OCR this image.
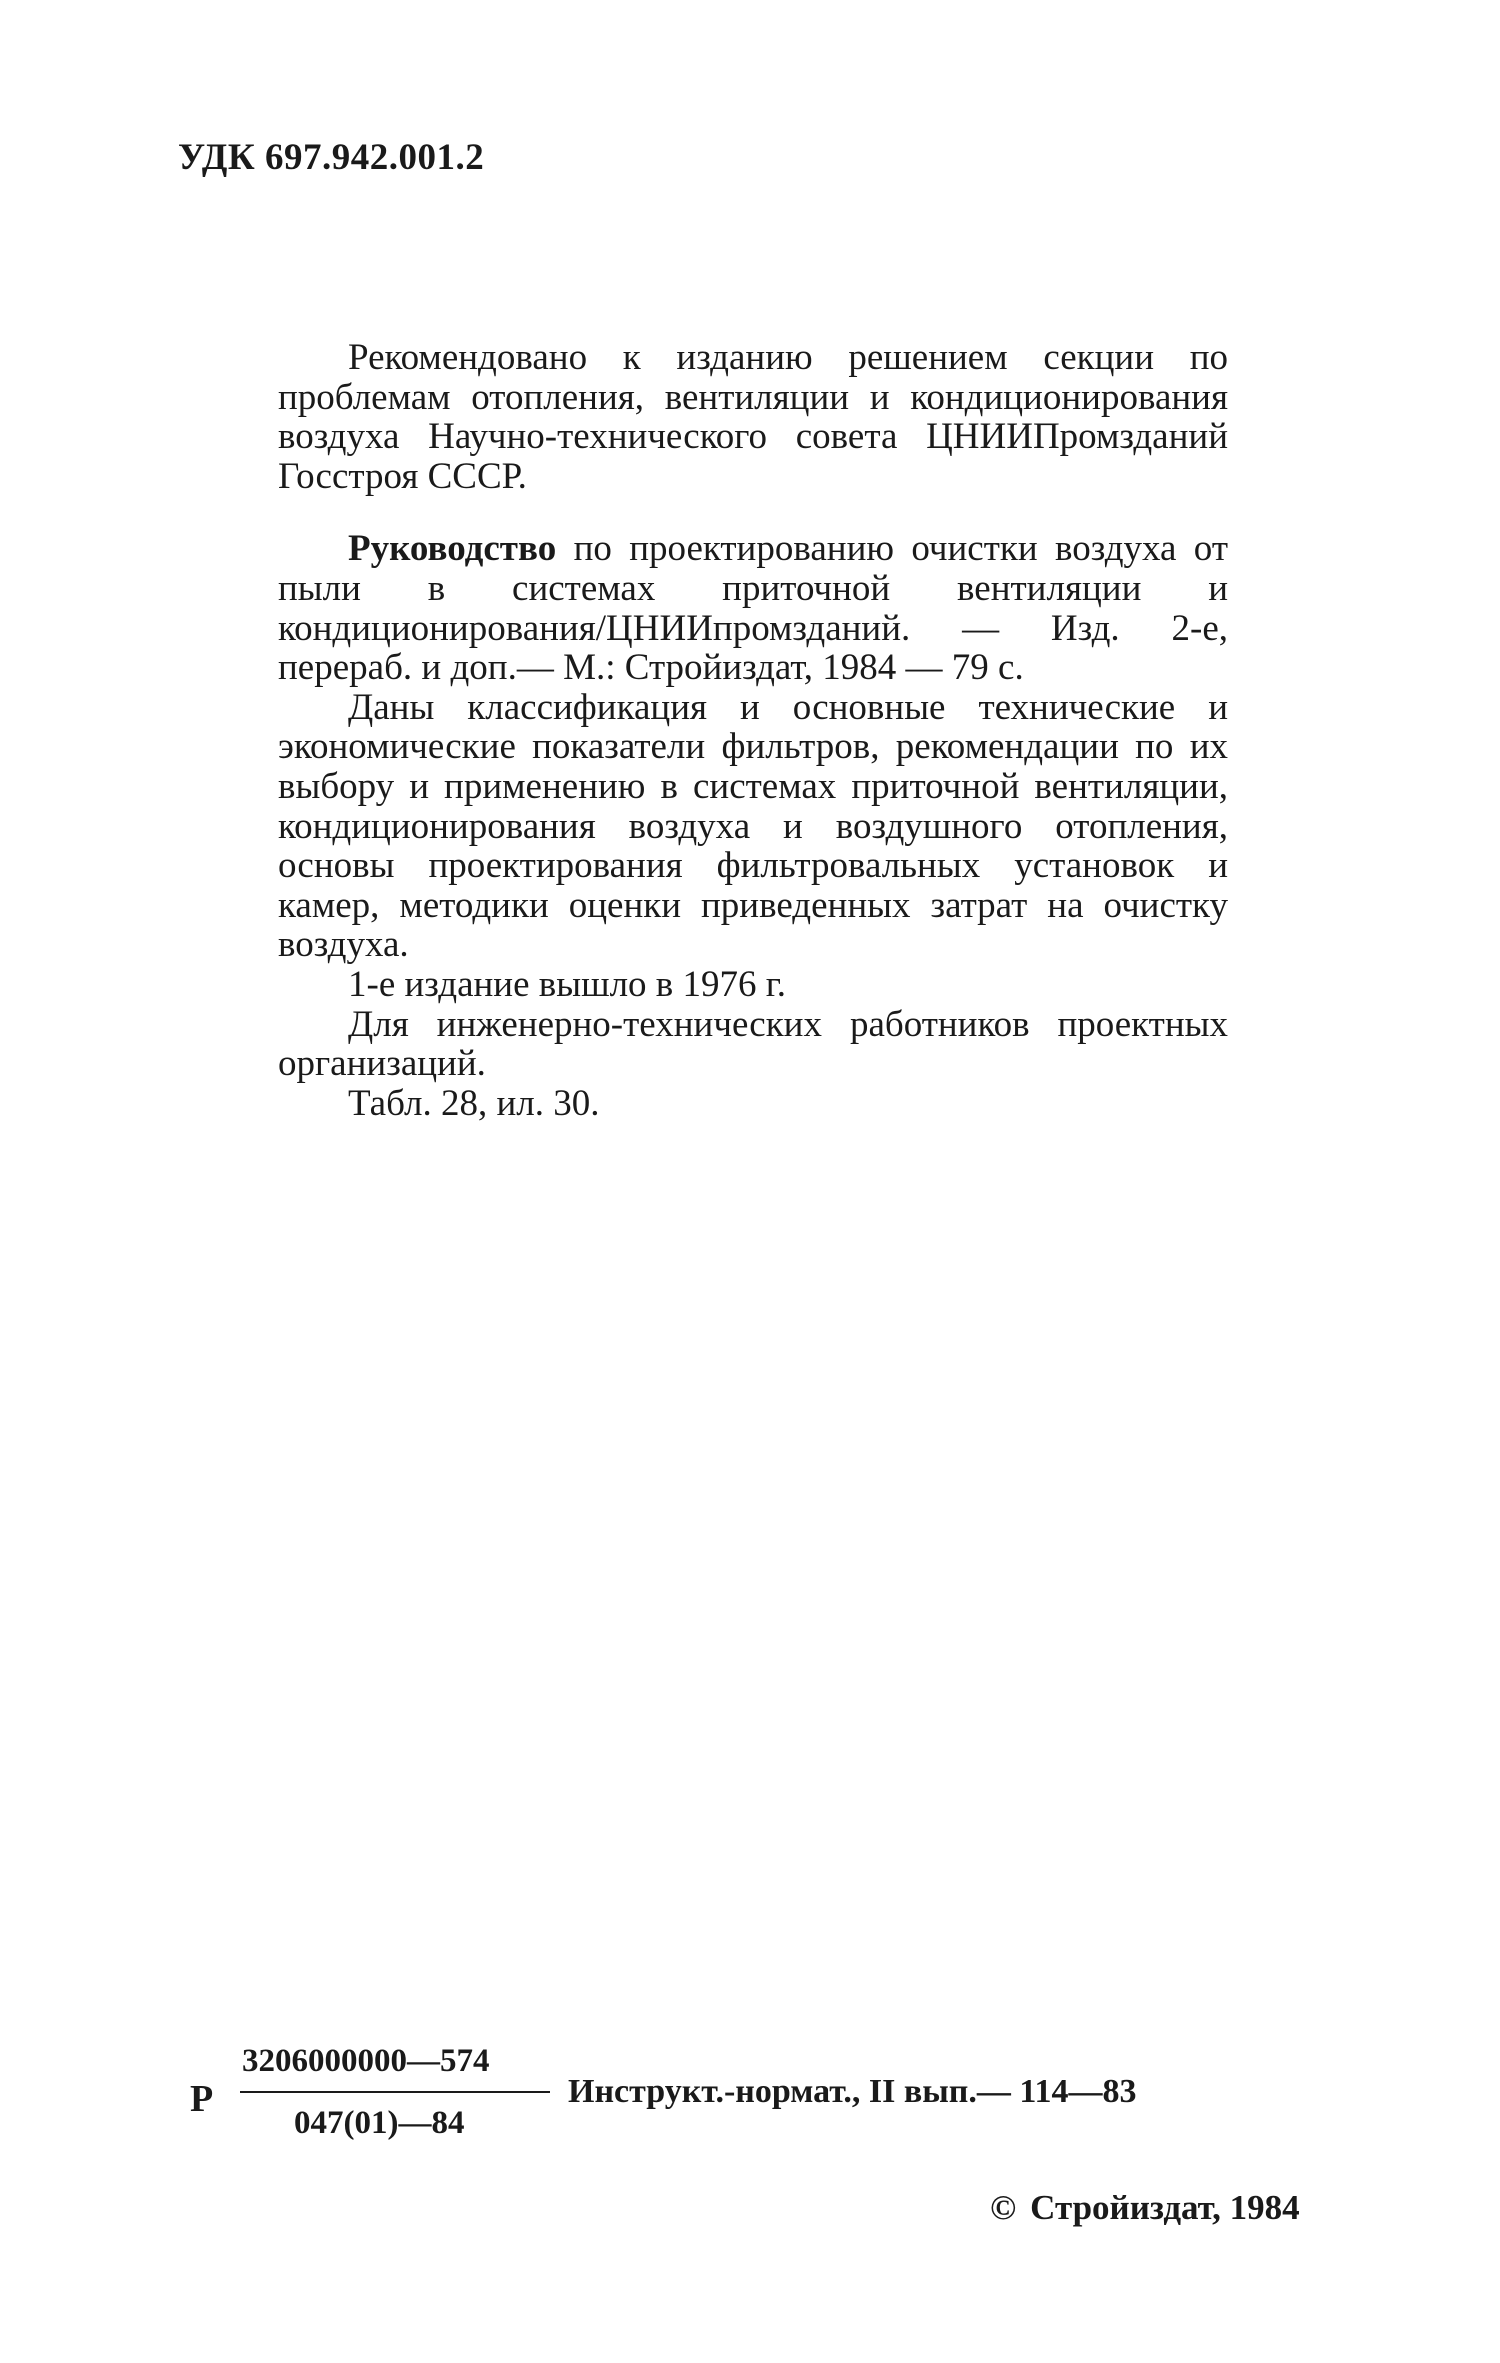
УДК 697.942.001.2

Рекомендовано к изданию решением секции по проблемам отопления, вентиляции и кондиционирования воздуха Научно-технического совета ЦНИИПромзданий Госстроя СССР.

Руководство по проектированию очистки воздуха от пыли в системах приточной вентиляции и кондиционирования/ЦНИИпромзданий. — Изд. 2-е, перераб. и доп.— М.: Стройиздат, 1984 — 79 с.

Даны классификация и основные технические и экономические показатели фильтров, рекомендации по их выбору и применению в системах приточной вентиляции, кондиционирования воздуха и воздушного отопления, основы проектирования фильтровальных установок и камер, методики оценки приведенных затрат на очистку воздуха.

1-е издание вышло в 1976 г.

Для инженерно-технических работников проектных организаций.

Табл. 28, ил. 30.

Р
3206000000—574
047(01)—84
Инструкт.-нормат., II вып.— 114—83
© Стройиздат, 1984
